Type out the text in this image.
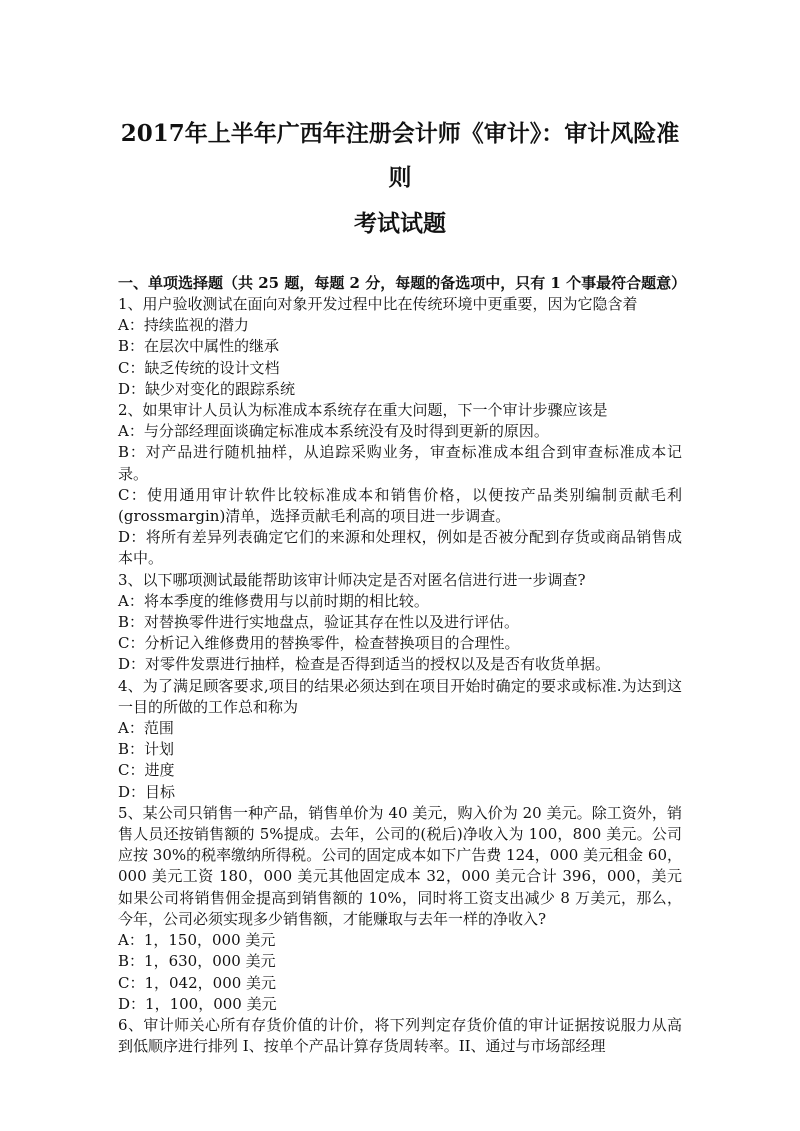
2017年上半年广西年注册会计师《审计》：审计风险准则
考试试题
一、单项选择题（共 25 题，每题 2 分，每题的备选项中，只有 1 个事最符合题意）
1、用户验收测试在面向对象开发过程中比在传统环境中更重要，因为它隐含着
A：持续监视的潜力
B：在层次中属性的继承
C：缺乏传统的设计文档
D：缺少对变化的跟踪系统
2、如果审计人员认为标准成本系统存在重大问题，下一个审计步骤应该是
A：与分部经理面谈确定标准成本系统没有及时得到更新的原因。
B：对产品进行随机抽样，从追踪采购业务，审查标准成本组合到审查标准成本记录。
C：使用通用审计软件比较标准成本和销售价格，以便按产品类别编制贡献毛利(grossmargin)清单，选择贡献毛利高的项目进一步调查。
D：将所有差异列表确定它们的来源和处理权，例如是否被分配到存货或商品销售成本中。
3、以下哪项测试最能帮助该审计师决定是否对匿名信进行进一步调查?
A：将本季度的维修费用与以前时期的相比较。
B：对替换零件进行实地盘点，验证其存在性以及进行评估。
C：分析记入维修费用的替换零件，检查替换项目的合理性。
D：对零件发票进行抽样，检查是否得到适当的授权以及是否有收货单据。
4、为了满足顾客要求,项目的结果必须达到在项目开始时确定的要求或标准.为达到这一目的所做的工作总和称为
A：范围
B：计划
C：进度
D：目标
5、某公司只销售一种产品，销售单价为 40 美元，购入价为 20 美元。除工资外，销售人员还按销售额的 5%提成。去年，公司的(税后)净收入为 100，800 美元。公司应按 30%的税率缴纳所得税。公司的固定成本如下广告费 124，000 美元租金 60，000 美元工资 180，000 美元其他固定成本 32，000 美元合计 396，000，美元如果公司将销售佣金提高到销售额的 10%，同时将工资支出减少 8 万美元，那么，今年，公司必须实现多少销售额，才能赚取与去年一样的净收入?
A：1，150，000 美元
B：1，630，000 美元
C：1，042，000 美元
D：1，100，000 美元
6、审计师关心所有存货价值的计价，将下列判定存货价值的审计证据按说服力从高到低顺序进行排列 I、按单个产品计算存货周转率。II、通过与市场部经理
